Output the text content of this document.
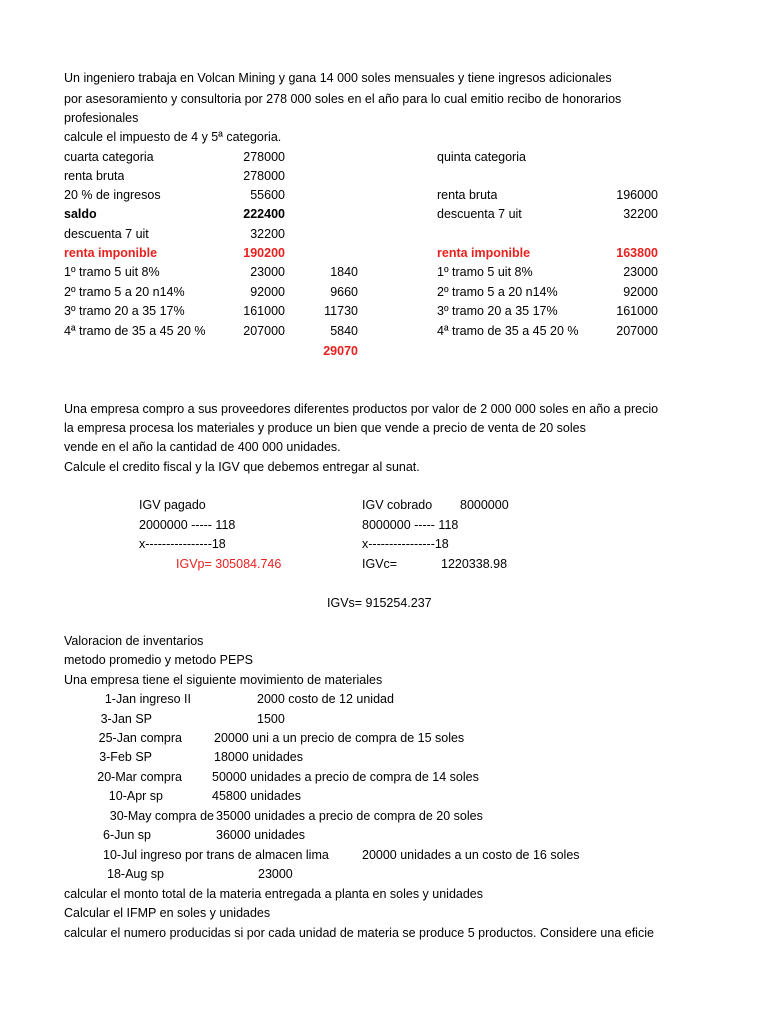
Un ingeniero trabaja en Volcan Mining y gana 14 000 soles mensuales y tiene ingresos adicionales
por asesoramiento y consultoria por 278 000 soles en el año para lo cual emitio recibo de honorarios
profesionales
calcule el impuesto de 4 y 5ª categoria.
cuarta categoria	278000
renta bruta	278000
20 % de ingresos	55600
saldo	222400
descuenta 7 uit	32200
renta imponible	190200
1º tramo 5 uit 8%	23000	1840
2º tramo 5 a 20 n14%	92000	9660
3º tramo 20 a 35 17%	161000	11730
4ª tramo de 35 a 45 20 %	207000	5840
29070
quinta categoria
renta bruta	196000
descuenta 7 uit	32200
renta imponible	163800
1º tramo 5 uit 8%	23000
2º tramo 5 a 20 n14%	92000
3º tramo 20 a 35 17%	161000
4ª tramo de 35 a 45 20 %	207000
Una empresa compro a sus proveedores diferentes productos por valor de 2 000 000 soles en año a precio
la empresa procesa los materiales y produce un bien que vende a precio de venta de 20 soles
vende en el año la cantidad de 400 000 unidades.
Calcule el credito fiscal y la IGV que debemos entregar al sunat.
IGV pagado
2000000 ----- 118
x----------------18
IGVp= 305084.746
IGV cobrado 8000000
8000000 ----- 118
x----------------18
IGVc=	1220338.98
IGVs= 915254.237
Valoracion de inventarios
metodo promedio y metodo PEPS
Una empresa tiene el siguiente movimiento de materiales
1-Jan ingreso II	2000 costo de 12 unidad
3-Jan SP	1500
25-Jan compra	20000 uni a un precio de compra de 15 soles
3-Feb SP	18000 unidades
20-Mar compra 50000 unidades a precio de compra de 14 soles
10-Apr sp	45800 unidades
30-May compra de 35000 unidades a precio de compra de 20 soles
6-Jun sp	36000 unidades
10-Jul ingreso por trans de almacen lima	20000 unidades a un costo de 16 soles
18-Aug sp	23000
calcular el monto total de la materia entregada a planta en soles y unidades
Calcular el IFMP en soles y unidades
calcular el numero producidas si por cada unidad de materia se produce 5 productos. Considere una eficie
